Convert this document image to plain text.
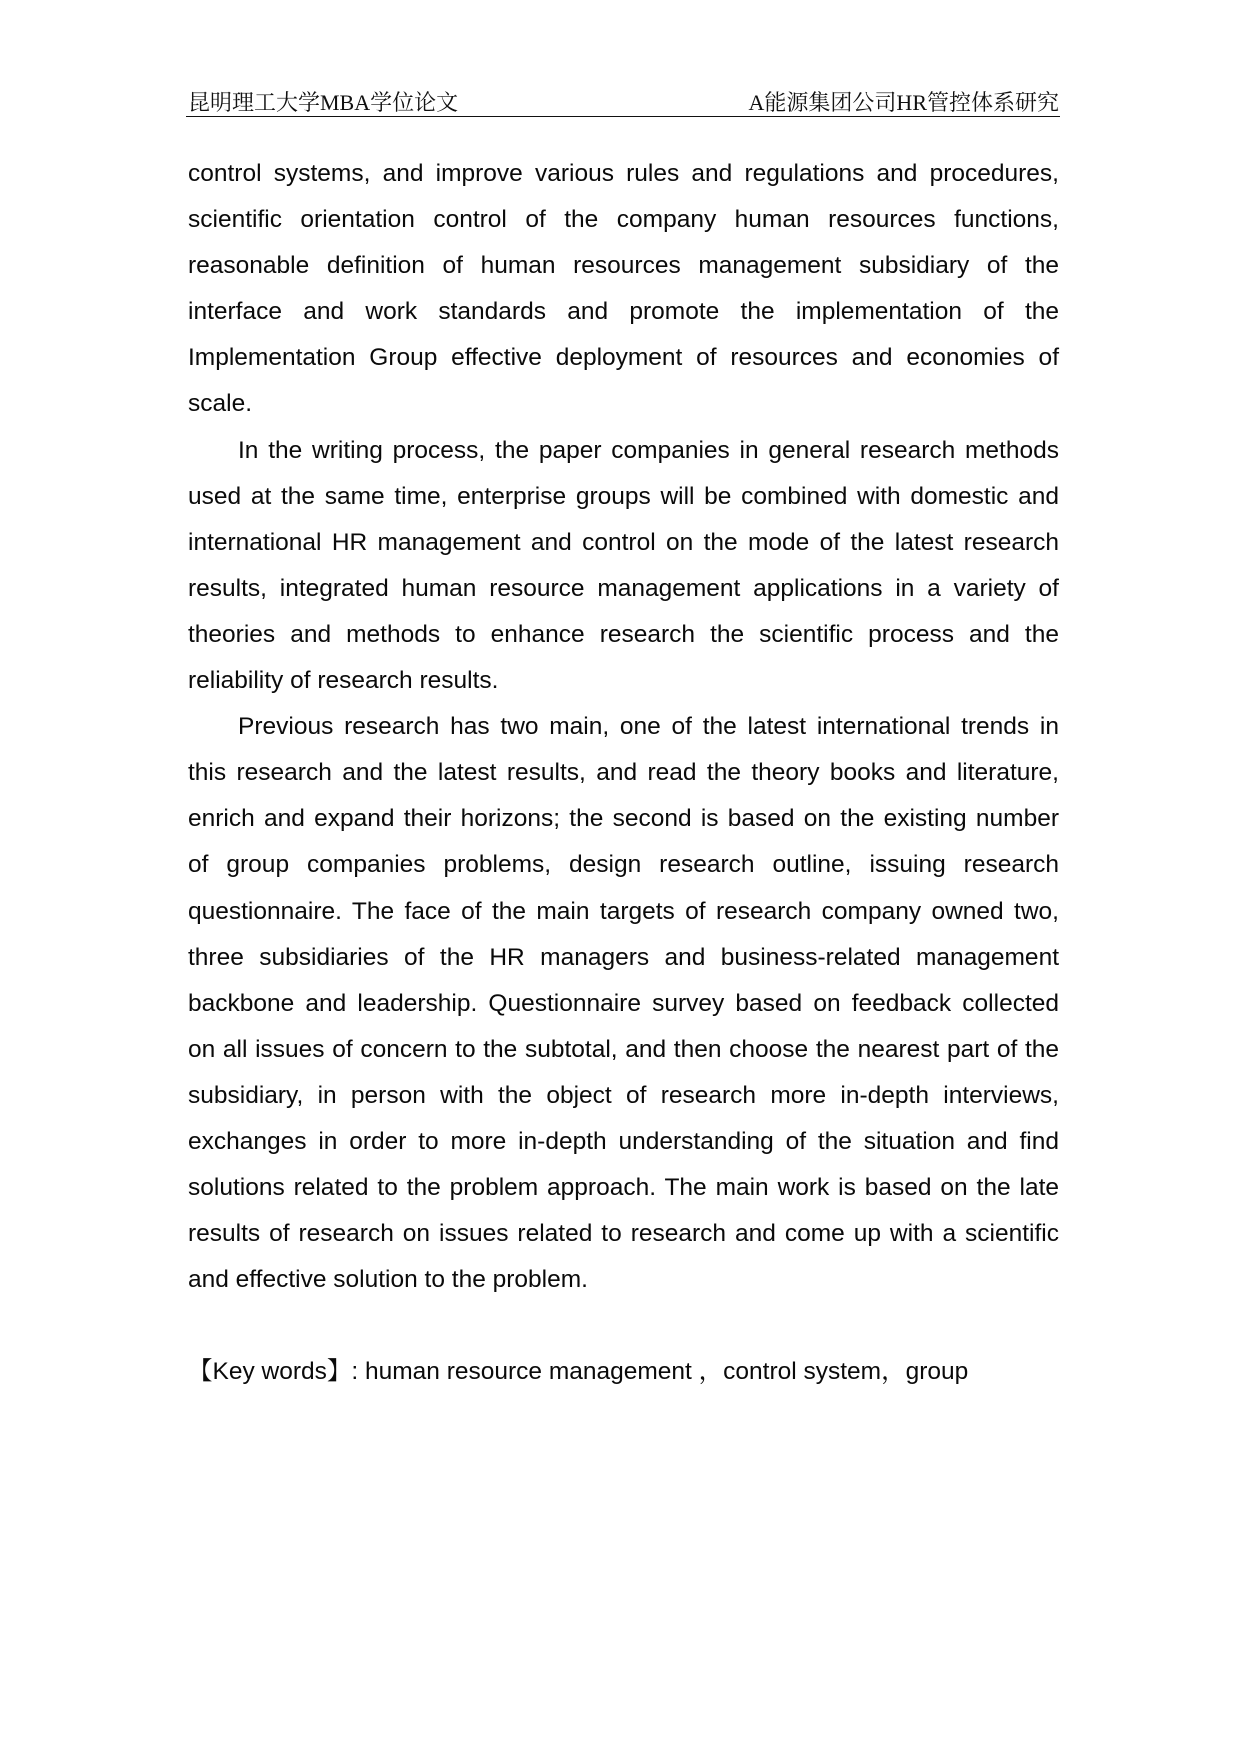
昆明理工大学MBA学位论文	A能源集团公司HR管控体系研究
control systems, and improve various rules and regulations and procedures,
scientific orientation control of the company human resources functions,
reasonable definition of human resources management subsidiary of the
interface and work standards and promote the implementation of the
Implementation Group effective deployment of resources and economies of
scale.
In the writing process, the paper companies in general research methods
used at the same time, enterprise groups will be combined with domestic and
international HR management and control on the mode of the latest research
results, integrated human resource management applications in a variety of
theories and methods to enhance research the scientific process and the
reliability of research results.
Previous research has two main, one of the latest international trends in
this research and the latest results, and read the theory books and literature,
enrich and expand their horizons; the second is based on the existing number
of group companies problems, design research outline, issuing research
questionnaire. The face of the main targets of research company owned two,
three subsidiaries of the HR managers and business-related management
backbone and leadership. Questionnaire survey based on feedback collected
on all issues of concern to the subtotal, and then choose the nearest part of the
subsidiary, in person with the object of research more in-depth interviews,
exchanges in order to more in-depth understanding of the situation and find
solutions related to the problem approach. The main work is based on the late
results of research on issues related to research and come up with a scientific
and effective solution to the problem.
【Key words】: human resource management ，control system，group
